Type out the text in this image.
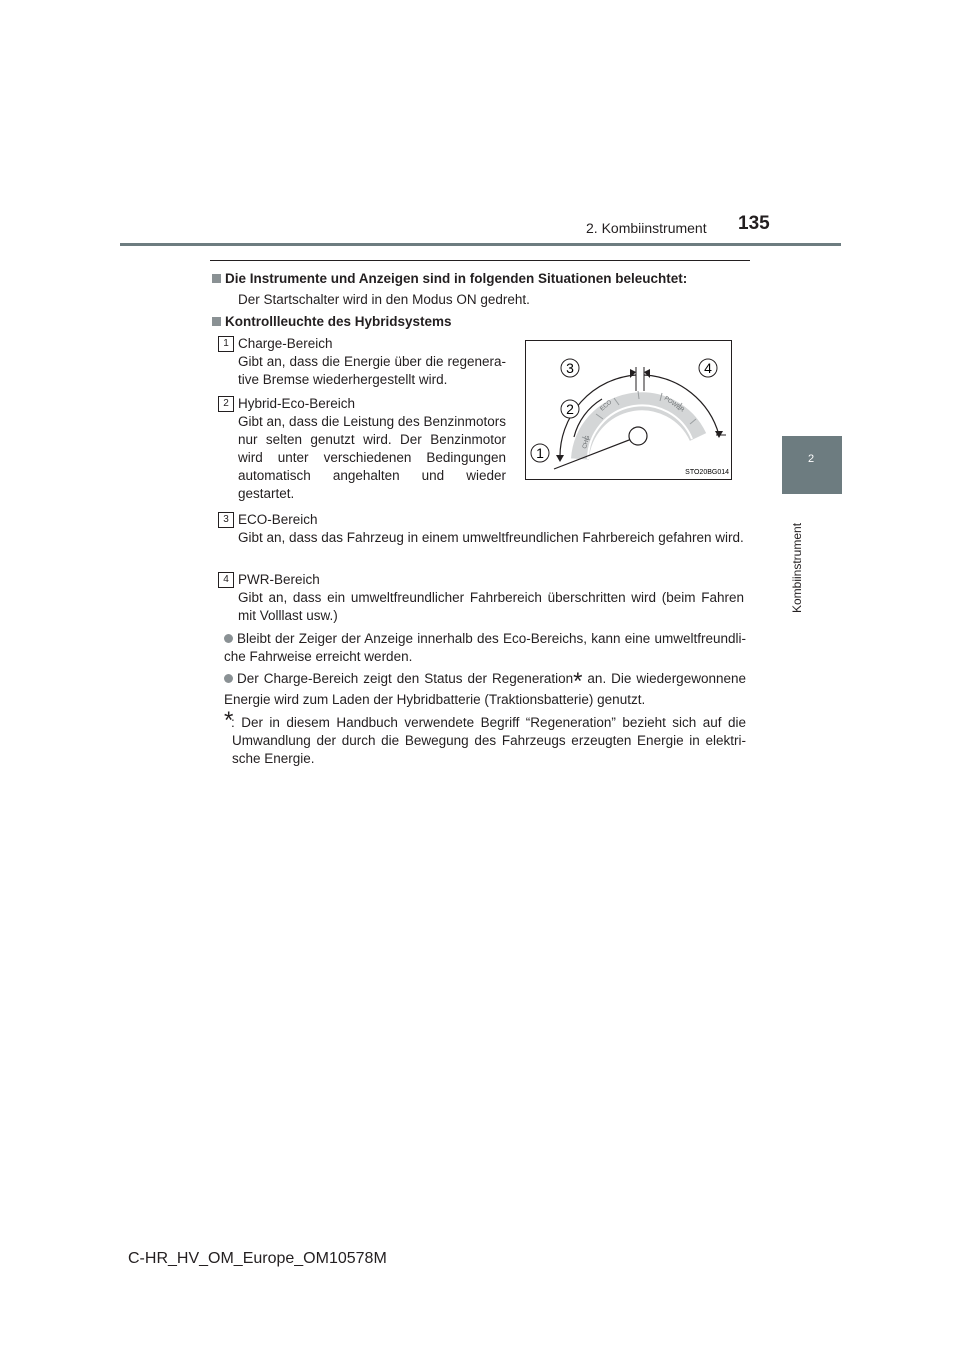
2. Kombiinstrument 135
2
Kombiinstrument
Die Instrumente und Anzeigen sind in folgenden Situationen beleuchtet:
Der Startschalter wird in den Modus ON gedreht.
Kontrollleuchte des Hybridsystems
1 Charge-Bereich
Gibt an, dass die Energie über die regenera-tive Bremse wiederhergestellt wird.
2 Hybrid-Eco-Bereich
Gibt an, dass die Leistung des Benzinmotors nur selten genutzt wird. Der Benzinmotor wird unter verschiedenen Bedingungen automatisch angehalten und wieder gestartet.
ECO	POWER
CHG
1
2
3	4
STO20BG014
3 ECO-Bereich
Gibt an, dass das Fahrzeug in einem umweltfreundlichen Fahrbereich gefahren wird.
4 PWR-Bereich
Gibt an, dass ein umweltfreundlicher Fahrbereich überschritten wird (beim Fahren mit Volllast usw.)
Bleibt der Zeiger der Anzeige innerhalb des Eco-Bereichs, kann eine umweltfreundli-che Fahrweise erreicht werden.
Der Charge-Bereich zeigt den Status der Regeneration* an. Die wiedergewonnene Energie wird zum Laden der Hybridbatterie (Traktionsbatterie) genutzt.
*
: Der in diesem Handbuch verwendete Begriff “Regeneration” bezieht sich auf die Umwandlung der durch die Bewegung des Fahrzeugs erzeugten Energie in elektri-sche Energie.
C-HR_HV_OM_Europe_OM10578M
